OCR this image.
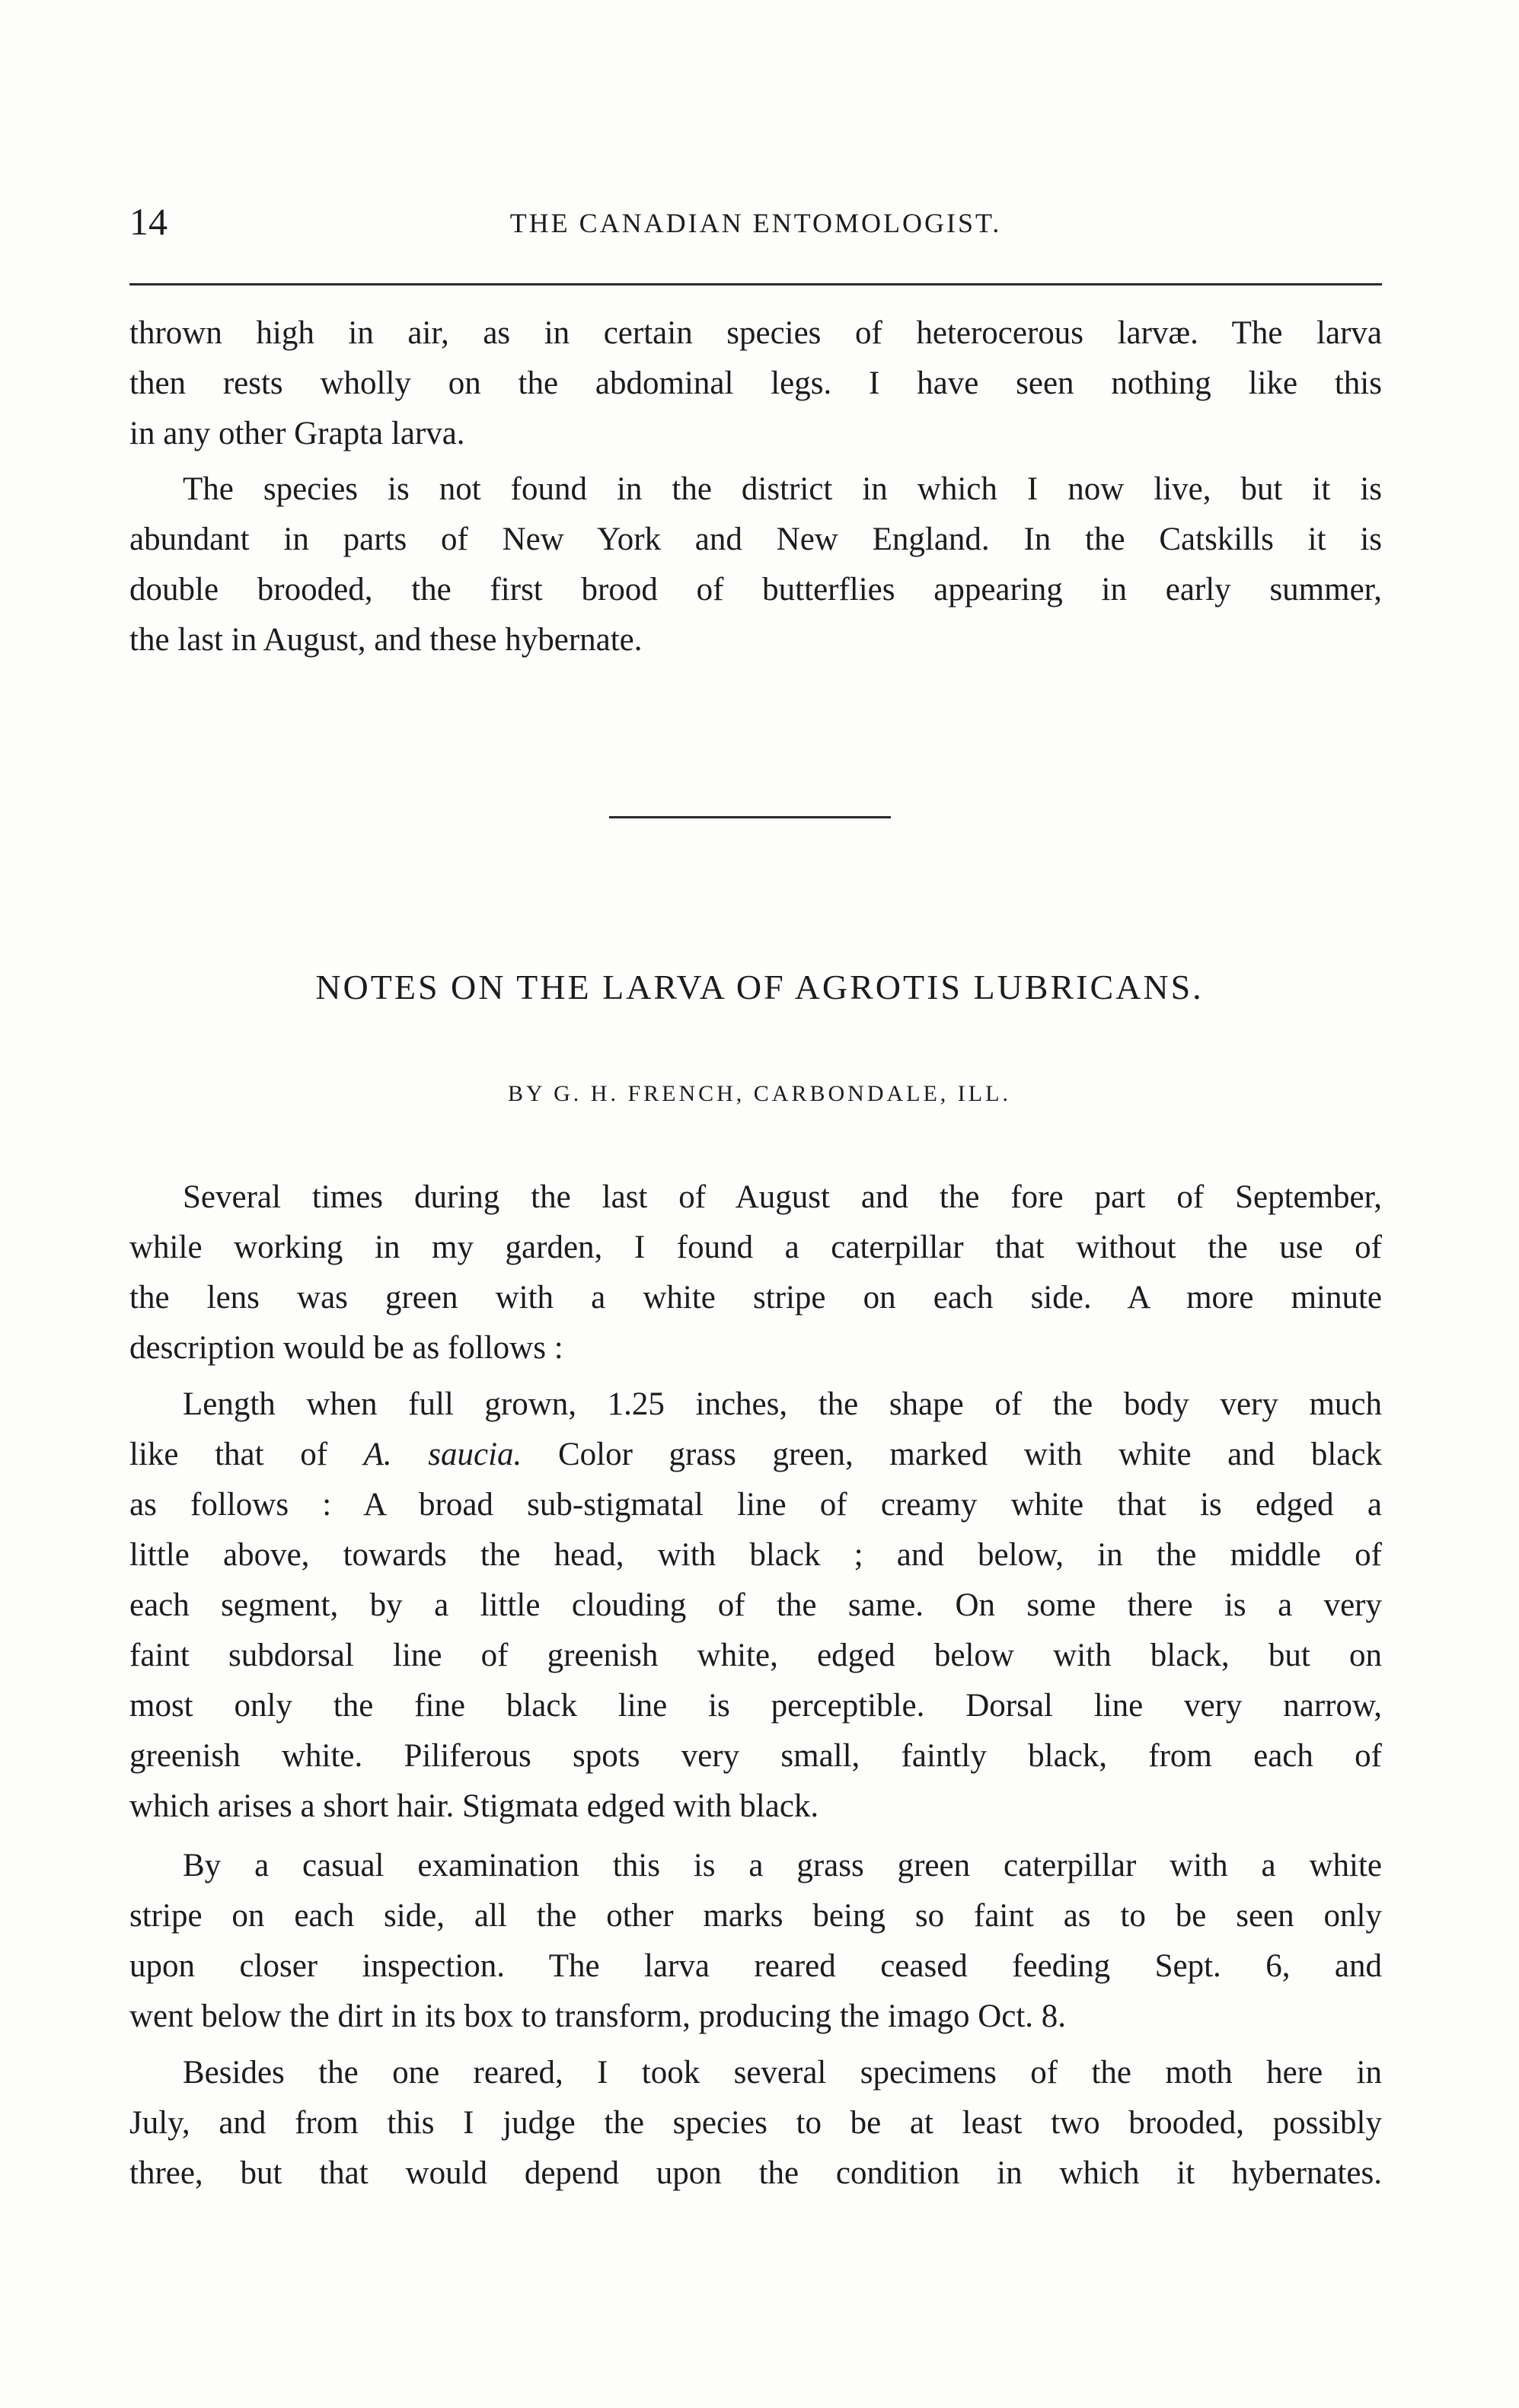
14	THE CANADIAN ENTOMOLOGIST.
thrown high in air, as in certain species of heterocerous larvæ. The larva
then rests wholly on the abdominal legs. I have seen nothing like this
in any other Grapta larva.
The species is not found in the district in which I now live, but it is
abundant in parts of New York and New England. In the Catskills it is
double brooded, the first brood of butterflies appearing in early summer,
the last in August, and these hybernate.
NOTES ON THE LARVA OF AGROTIS LUBRICANS.
BY G. H. FRENCH, CARBONDALE, ILL.
Several times during the last of August and the fore part of September,
while working in my garden, I found a caterpillar that without the use of
the lens was green with a white stripe on each side. A more minute
description would be as follows :
Length when full grown, 1.25 inches, the shape of the body very much
like that of A. saucia. Color grass green, marked with white and black
as follows : A broad sub-stigmatal line of creamy white that is edged a
little above, towards the head, with black ; and below, in the middle of
each segment, by a little clouding of the same. On some there is a very
faint subdorsal line of greenish white, edged below with black, but on
most only the fine black line is perceptible. Dorsal line very narrow,
greenish white. Piliferous spots very small, faintly black, from each of
which arises a short hair. Stigmata edged with black.
By a casual examination this is a grass green caterpillar with a white
stripe on each side, all the other marks being so faint as to be seen only
upon closer inspection. The larva reared ceased feeding Sept. 6, and
went below the dirt in its box to transform, producing the imago Oct. 8.
Besides the one reared, I took several specimens of the moth here in
July, and from this I judge the species to be at least two brooded, possibly
three, but that would depend upon the condition in which it hybernates.
